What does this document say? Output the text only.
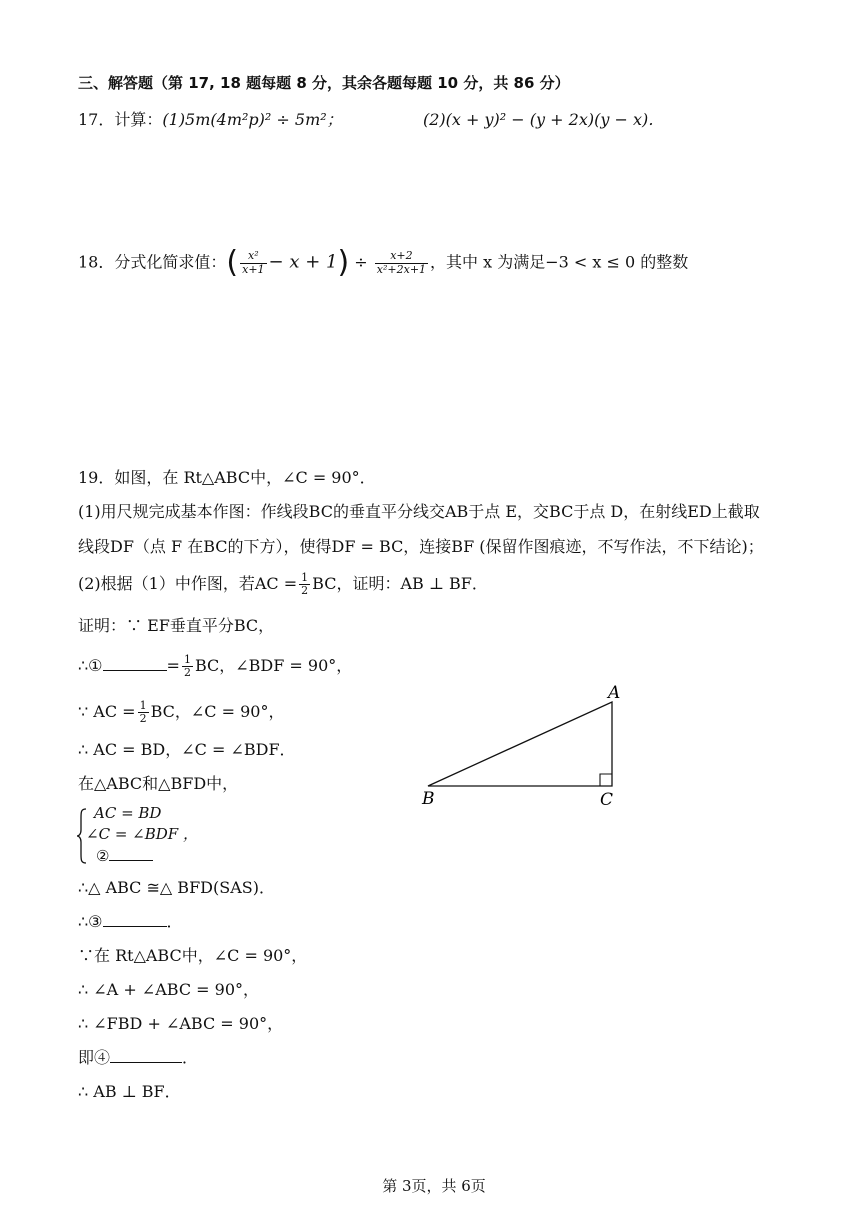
三、解答题（第 17, 18 题每题 8 分，其余各题每题 10 分，共 86 分）
17．计算：(1)5m(4m²p)² ÷ 5m²；	(2)(x + y)² − (y + 2x)(y − x)．
18．分式化简求值：( $\frac{\text{x²}}{x+1} - x + 1) \div \frac{x+2}{\text{x²+2x+1}}$ ，其中 x 为满足−3 < x ≤ 0 的整数
19．如图，在 Rt△ABC中，∠C = 90°．
(1)用尺规完成基本作图：作线段BC的垂直平分线交AB于点 E，交BC于点 D，在射线ED上截取
线段DF（点 F 在BC的下方），使得DF = BC，连接BF (保留作图痕迹，不写作法，不下结论)；
(2)根据（1）中作图，若AC = $\frac{1}{2}$ BC，证明：AB ⊥ BF．
证明：∵ EF垂直平分BC，
∴①	= $\frac{1}{2}$ BC，∠BDF = 90°，
∵ AC = $\frac{1}{2}$ BC，∠C = 90°，
∴ AC = BD，∠C = ∠BDF．
在△ABC和△BFD中，
AC = BD
∠C = ∠BDF ，
②
∴△ ABC ≅△ BFD(SAS)．
∴③	．
∵在 Rt△ABC中，∠C = 90°，
∴ ∠A + ∠ABC = 90°，
∴ ∠FBD + ∠ABC = 90°，
即④	．
∴ AB ⊥ BF．
A
B	C
第 3页，共 6页
